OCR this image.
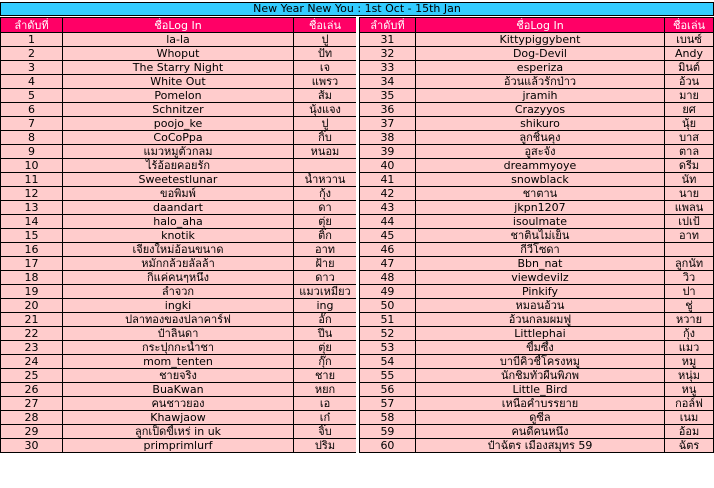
New Year New You : 1st Oct - 15th Jan
ลำดับที่	ชื่อLog In	ชื่อเล่น
1	la-la	ปู
2	Whoput	ปัท
3	The Starry Night	เจ
4	White Out	แพรว
5	Pomelon	ส้ม
6	Schnitzer	นุ้งแจง
7	poojo_ke	ปู
8	CoCoPpa	กิ๊บ
9	แมวหมูตัวกลม	หนอม
10	ไร้อ้อยคอยรัก	
11	Sweetestlunar	น้ำหวาน
12	ขอพิมพ์	กุ้ง
13	daandart	ดา
14	halo_aha	ตุ่ย
15	knotik	ติ๊ก
16	เจียงใหม่อ้อนขนาด	อาท
17	หมักกล้วยลัลล้า	ฝ้าย
18	กิ๋แค่คนๆหนึ่ง	ดาว
19	ลำจวก	แมวเหมียว
20	ingki	ing
21	ปลาทองของปลาคาร์ฟ	อั๊ก
22	ป๋าลินดา	ปีน
23	กระปุกกะน้ำชา	ตุ่ย
24	mom_tenten	กุ๊ก
25	ชายจริง	ชาย
26	BuaKwan	หยก
27	คนชาวยอง	เอ
28	Khawjaow	เก๋
29	ลูกเป็ดขี้เหร่ in uk	จิ๊บ
30	primprimlurf	ปริม
ลำดับที่	ชื่อLog In	ชื่อเล่น
31	Kittypiggybent	เบนซ์
32	Dog-Devil	Andy
33	esperiza	มินต์
34	อ้วนแล้วรักป่าว	อ้วน
35	jramih	มาย
36	Crazyyos	ยศ
37	shikuro	นุ้ย
38	ลูกชิ้นคุง	บาส
39	อูสะจัง	ตาล
40	dreammyoye	ดรีม
41	snowblack	นัท
42	ชาตาน	นาย
43	jkpn1207	แพลน
44	isoulmate	เปเป้
45	ชาตินไม่เย็น	อาท
46	กีวีโซดา	
47	Bbn_nat	ลูกนัท
48	viewdevilz	วิว
49	Pinkify	ปา
50	หมอนอ้วน	ชู่
51	อ้วนกลมผมฟู	หวาย
52	Littlephai	กุ้ง
53	ขี้มซึ้ง	แมว
54	บาบีคิวชี้โครงหมู	หมู
55	นักชิมทั่วผืนพิภพ	หนุ่ม
56	Little_Bird	หนู
57	เหนือคำบรรยาย	กอล์ฟ
58	ดูซีล	เนม
59	คนดีคนหนึ่ง	อ้อม
60	ป๋าฉัตร เมืองสมุทร 59	ฉัตร
